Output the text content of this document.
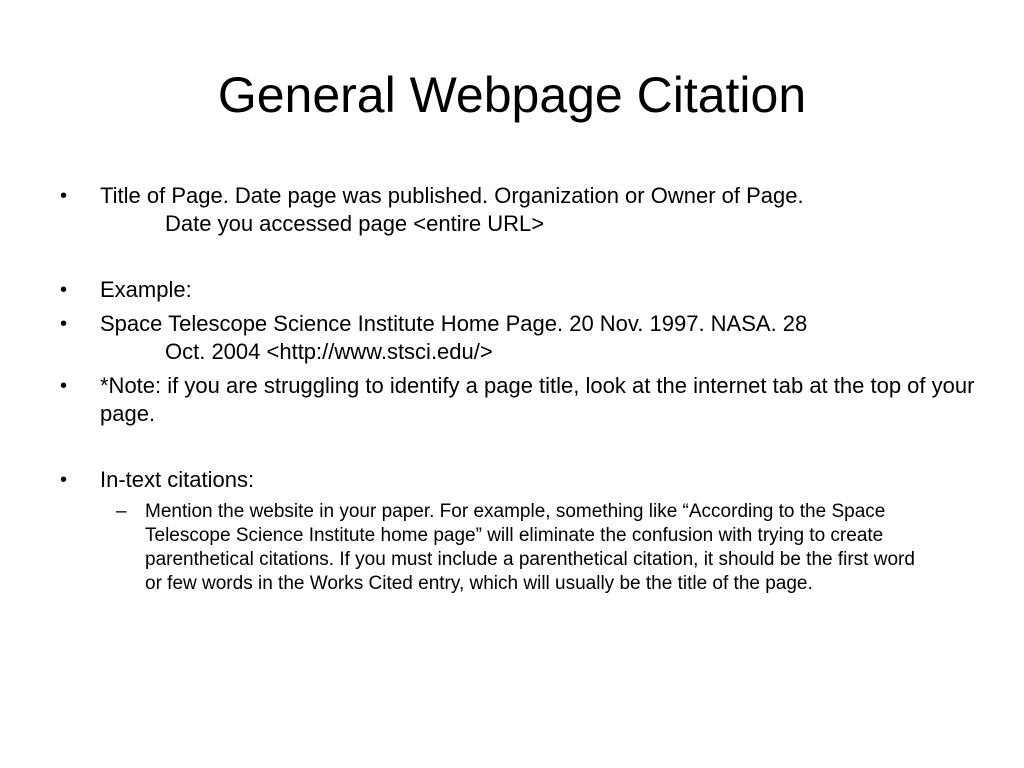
General Webpage Citation
•	Title of Page. Date page was published. Organization or Owner of Page.
Date you accessed page <entire URL>
•	Example:
•	Space Telescope Science Institute Home Page. 20 Nov. 1997. NASA. 28
Oct. 2004 <http://www.stsci.edu/>
•	*Note: if you are struggling to identify a page title, look at the internet tab at the top of your page.
•	In-text citations:
– Mention the website in your paper. For example, something like “According to the Space Telescope Science Institute home page” will eliminate the confusion with trying to create parenthetical citations. If you must include a parenthetical citation, it should be the first word or few words in the Works Cited entry, which will usually be the title of the page.
